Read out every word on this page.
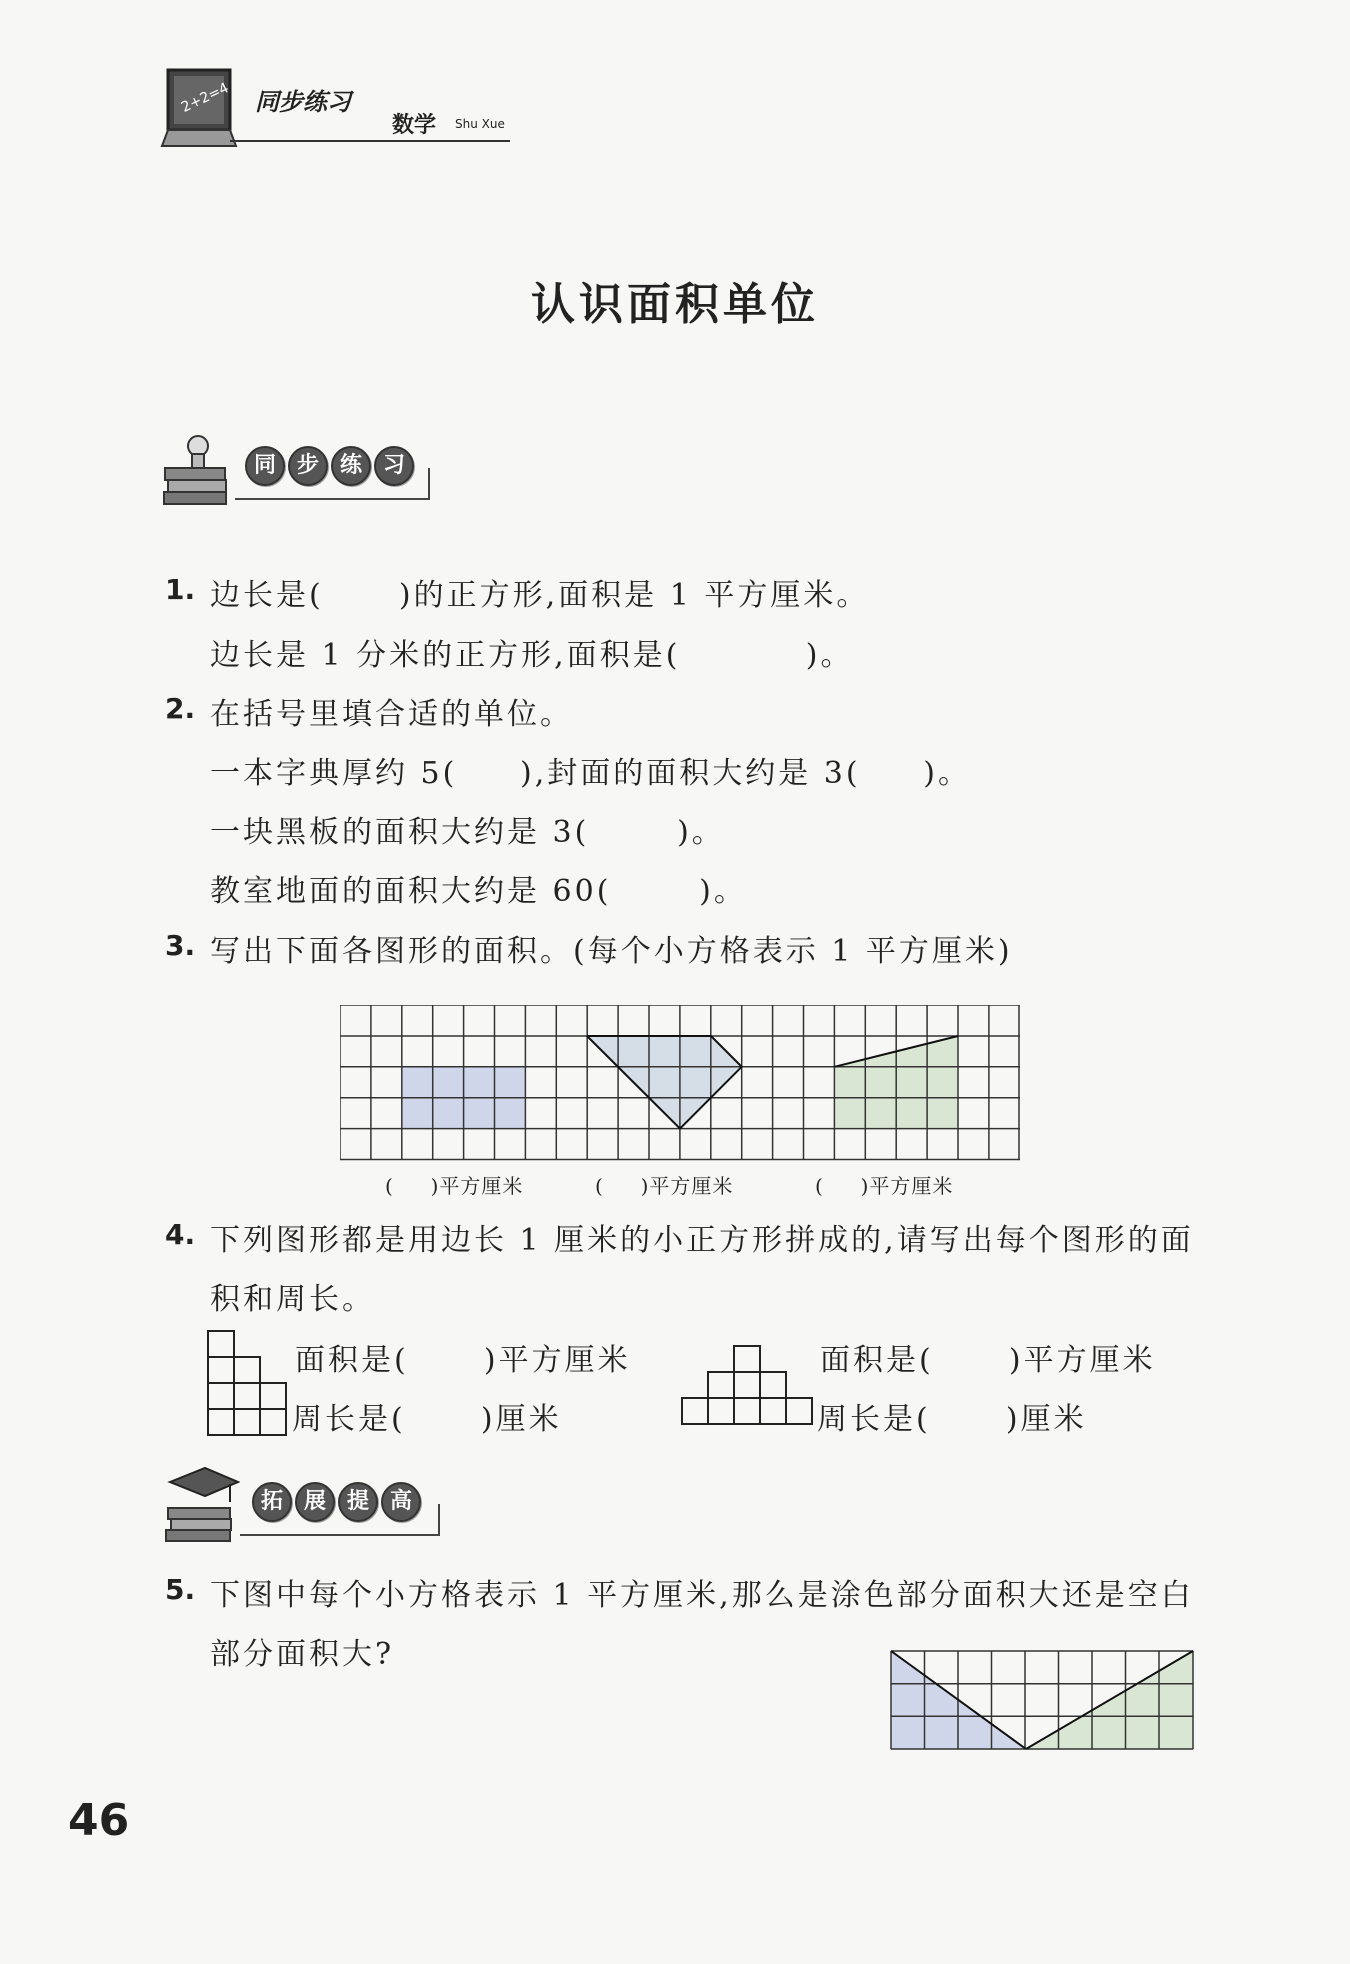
2+2=4 同步练习
数学 Shu Xue
认识面积单位
同 步 练 习
1. 边长是(      )的正方形,面积是 1 平方厘米。
边长是 1 分米的正方形,面积是(          )。
2. 在括号里填合适的单位。
一本字典厚约 5(     ),封面的面积大约是 3(     )。
一块黑板的面积大约是 3(       )。
教室地面的面积大约是 60(       )。
3. 写出下面各图形的面积。(每个小方格表示 1 平方厘米)
(     )平方厘米	(     )平方厘米	(     )平方厘米
4. 下列图形都是用边长 1 厘米的小正方形拼成的,请写出每个图形的面
积和周长。
面积是(      )平方厘米
周长是(      )厘米
面积是(      )平方厘米
周长是(      )厘米
拓 展 提 高
5. 下图中每个小方格表示 1 平方厘米,那么是涂色部分面积大还是空白
部分面积大?
46
